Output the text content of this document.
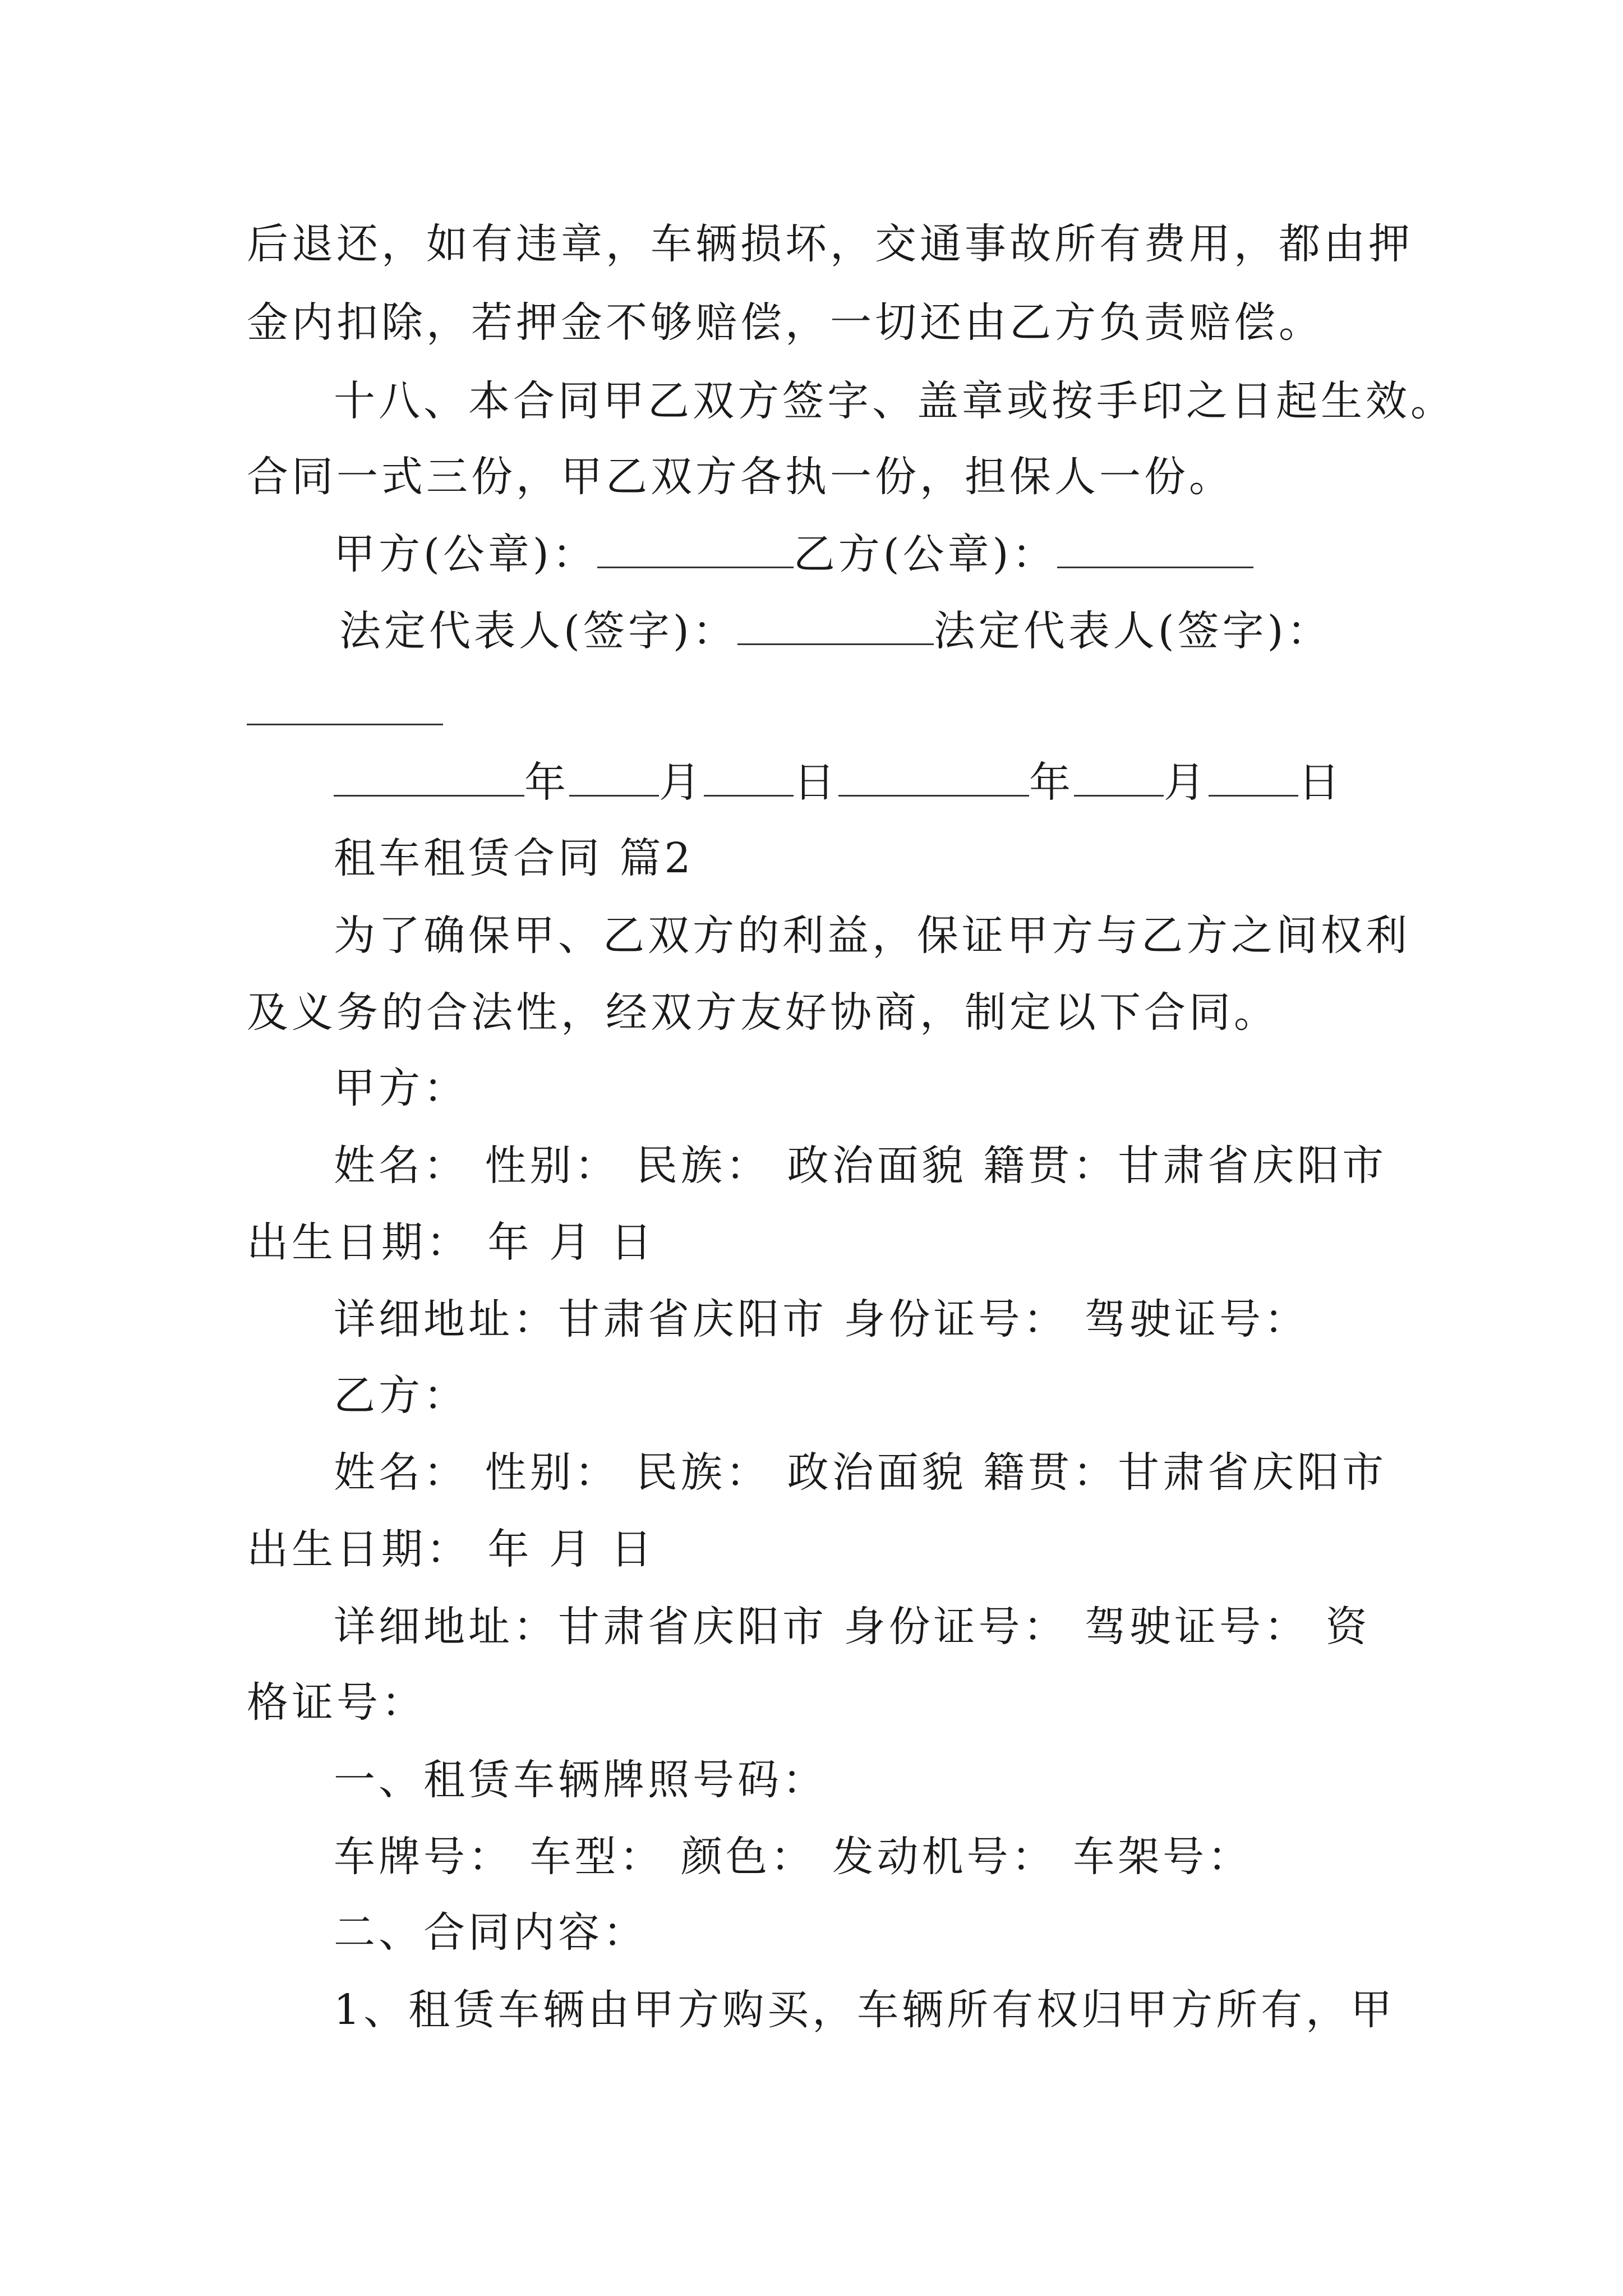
后退还，如有违章，车辆损坏，交通事故所有费用，都由押
金内扣除，若押金不够赔偿，一切还由乙方负责赔偿。
十八、本合同甲乙双方签字、盖章或按手印之日起生效。
合同一式三份，甲乙双方各执一份，担保人一份。
甲方(公章)：	乙方(公章)：
法定代表人(签字)：	法定代表人(签字)：
年 月 日	年 月 日
租车租赁合同 篇2
为了确保甲、乙双方的利益，保证甲方与乙方之间权利
及义务的合法性，经双方友好协商，制定以下合同。
甲方：
姓名： 性别： 民族： 政治面貌 籍贯：甘肃省庆阳市
出生日期： 年 月 日
详细地址：甘肃省庆阳市 身份证号： 驾驶证号：
乙方：
姓名： 性别： 民族： 政治面貌 籍贯：甘肃省庆阳市
出生日期： 年 月 日
详细地址：甘肃省庆阳市 身份证号： 驾驶证号： 资
格证号：
一、租赁车辆牌照号码：
车牌号： 车型： 颜色： 发动机号： 车架号：
二、合同内容：
1、租赁车辆由甲方购买，车辆所有权归甲方所有，甲
